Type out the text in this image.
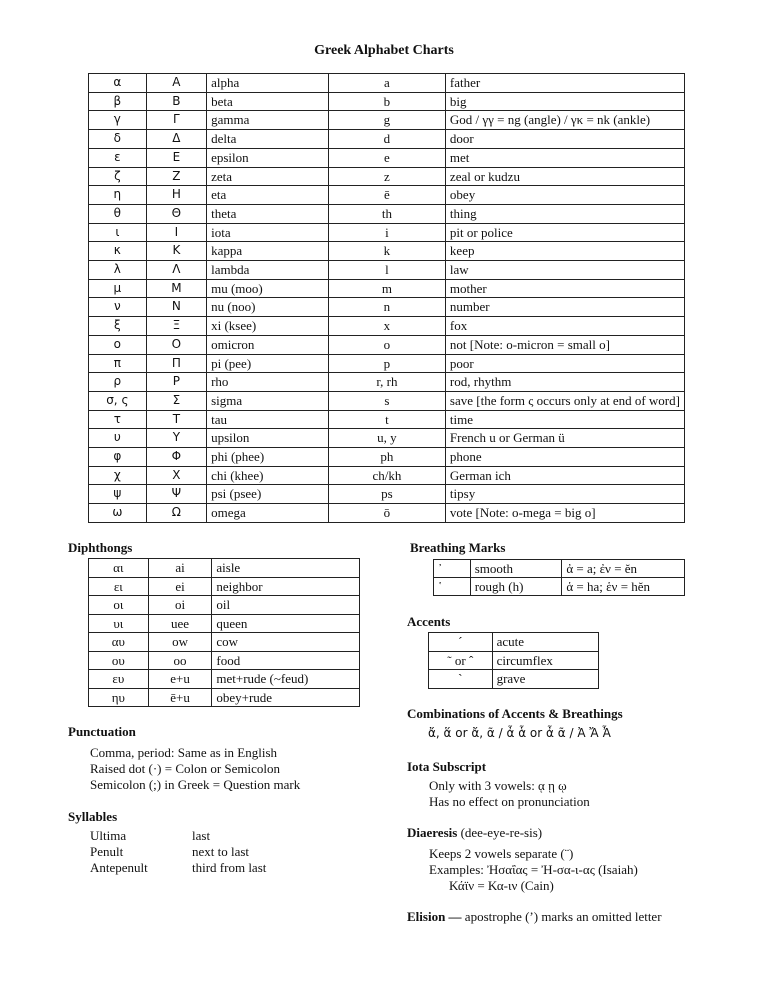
Greek Alphabet Charts
α	Α	alpha	a	father
β	Β	beta	b	big
γ	Γ	gamma	g	God / γγ = ng (angle) / γκ = nk (ankle)
δ	Δ	delta	d	door
ε	Ε	epsilon	e	met
ζ	Ζ	zeta	z	zeal or kudzu
η	Η	eta	ē	obey
θ	Θ	theta	th	thing
ι	Ι	iota	i	pit or police
κ	Κ	kappa	k	keep
λ	Λ	lambda	l	law
μ	Μ	mu (moo)	m	mother
ν	Ν	nu (noo)	n	number
ξ	Ξ	xi (ksee)	x	fox
ο	Ο	omicron	o	not [Note: o-micron = small o]
π	Π	pi (pee)	p	poor
ρ	Ρ	rho	r, rh	rod, rhythm
σ, ς	Σ	sigma	s	save [the form ς occurs only at end of word]
τ	Τ	tau	t	time
υ	Υ	upsilon	u, y	French u or German ü
φ	Φ	phi (phee)	ph	phone
χ	Χ	chi (khee)	ch/kh	German ich
ψ	Ψ	psi (psee)	ps	tipsy
ω	Ω	omega	ō	vote [Note: o-mega = big o]
Diphthongs
αι	ai	aisle
ει	ei	neighbor
οι	oi	oil
υι	uee	queen
αυ	ow	cow
ου	oo	food
ευ	e+u	met+rude (~feud)
ηυ	ē+u	obey+rude
Breathing Marks
᾿	smooth	ἀ = a; ἐν = ĕn
῾	rough (h)	ἁ = ha; ἑν = hĕn
Accents
´	acute
˜ or ˆ	circumflex
`	grave
Combinations of Accents & Breathings
ἄ, ἅ or ἄ, ᾶ / ἆ ἇ or ἆ ᾶ / Ἀ Ἄ Ἆ
Punctuation
Comma, period: Same as in English
Raised dot (·) = Colon or Semicolon
Semicolon (;) in Greek = Question mark
Syllables
Ultima	last
Penult	next to last
Antepenult	third from last
Iota Subscript
Only with 3 vowels: ᾳ ῃ ῳ
Has no effect on pronunciation
Diaeresis (dee-eye-re-sis)
Keeps 2 vowels separate (¨)
Examples: Ἠσαΐας = Ἠ-σα-ι-ας (Isaiah)
Κάϊν = Κα-ιν (Cain)
Elision — apostrophe (ʼ) marks an omitted letter
